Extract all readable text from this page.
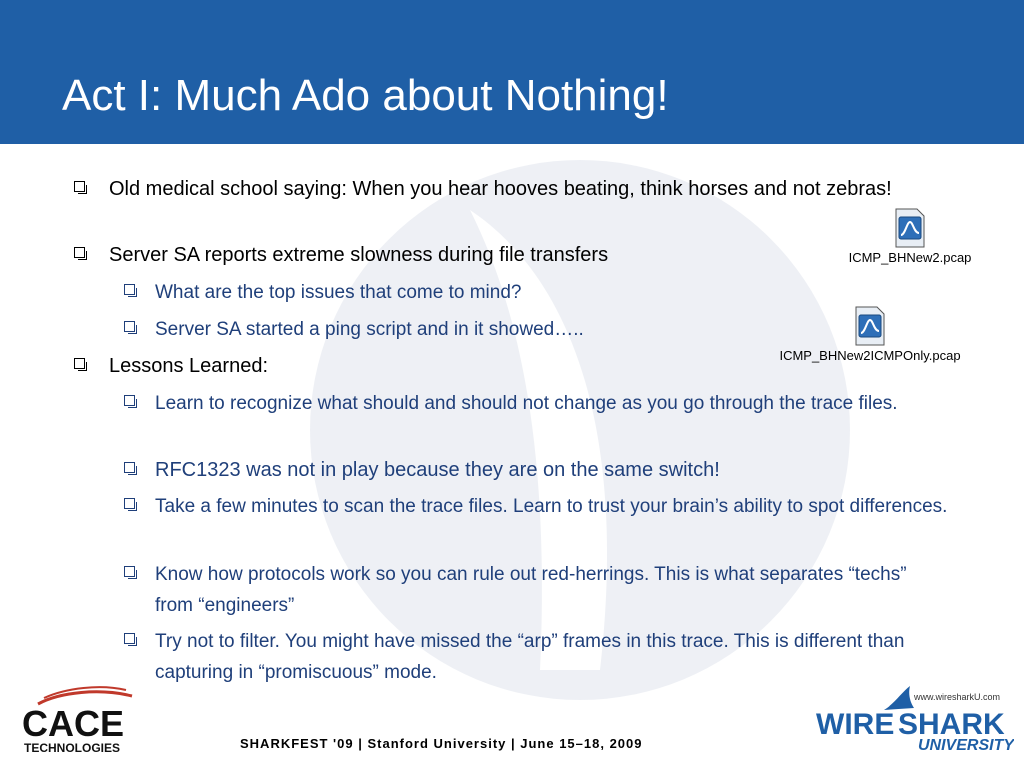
Act I: Much Ado about Nothing!
Old medical school saying: When you hear hooves beating, think horses and not zebras!
Server SA reports extreme slowness during file transfers
What are the top issues that come to mind?
Server SA started a ping script and in it showed…..
Lessons Learned:
Learn to recognize what should and should not change as you go through the trace files.
RFC1323 was not in play because they are on the same switch!
Take a few minutes to scan the trace files. Learn to trust your brain’s ability to spot differences.
Know how protocols work so you can rule out red-herrings. This is what separates “techs” from “engineers”
Try not to filter. You might have missed the “arp” frames in this trace. This is different than capturing in “promiscuous” mode.
ICMP_BHNew2.pcap
ICMP_BHNew2ICMPOnly.pcap
CACE
TECHNOLOGIES	SHARKFEST '09 | Stanford University | June 15–18, 2009
www.wiresharkU.com
WIRE SHARK
UNIVERSITY
